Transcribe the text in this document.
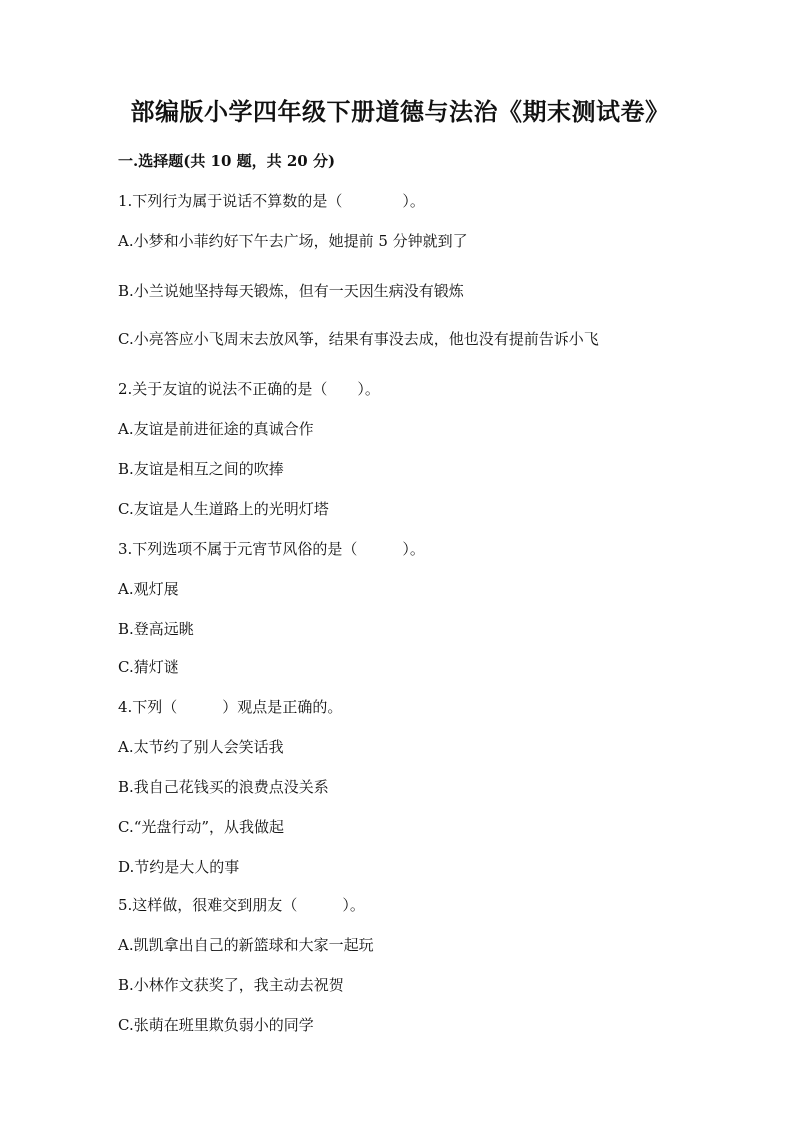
部编版小学四年级下册道德与法治《期末测试卷》
一.选择题(共 10 题，共 20 分)
1.下列行为属于说话不算数的是（　　　　）。
A.小梦和小菲约好下午去广场，她提前 5 分钟就到了
B.小兰说她坚持每天锻炼，但有一天因生病没有锻炼
C.小亮答应小飞周末去放风筝，结果有事没去成，他也没有提前告诉小飞
2.关于友谊的说法不正确的是（　　）。
A.友谊是前进征途的真诚合作
B.友谊是相互之间的吹捧
C.友谊是人生道路上的光明灯塔
3.下列选项不属于元宵节风俗的是（　　　）。
A.观灯展
B.登高远眺
C.猜灯谜
4.下列（　　　）观点是正确的。
A.太节约了别人会笑话我
B.我自己花钱买的浪费点没关系
C.“光盘行动”，从我做起
D.节约是大人的事
5.这样做，很难交到朋友（　　　）。
A.凯凯拿出自己的新篮球和大家一起玩
B.小林作文获奖了，我主动去祝贺
C.张萌在班里欺负弱小的同学
